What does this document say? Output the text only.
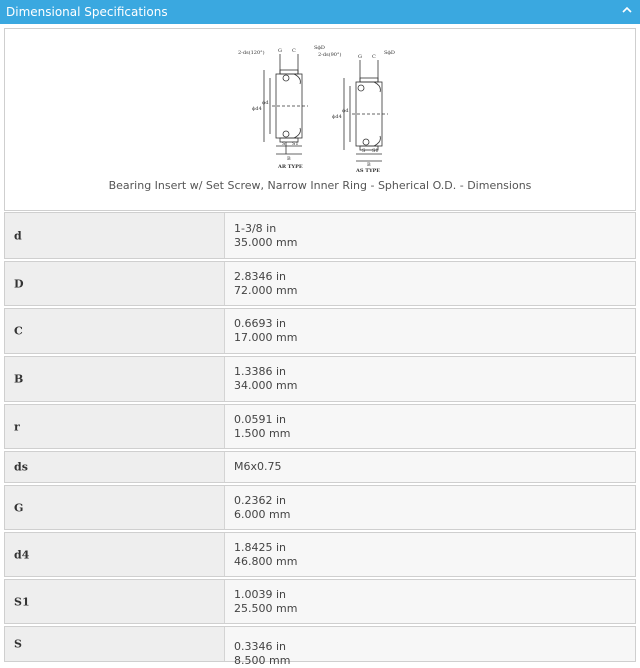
Dimensional Specifications
2-ds(120°)	G C
ϕd4
ϕd
S S1
B
AR TYPE
2-ds(90°)	G C
SϕD
SϕD
ϕd4
ϕd
S S1
B
AS TYPE
Bearing Insert w/ Set Screw, Narrow Inner Ring - Spherical O.D. - Dimensions
d
1-3/8 in
35.000 mm
D
2.8346 in
72.000 mm
C
0.6693 in
17.000 mm
B
1.3386 in
34.000 mm
r
0.0591 in
1.500 mm
ds	M6x0.75
G
0.2362 in
6.000 mm
d4
1.8425 in
46.800 mm
S1
1.0039 in
25.500 mm
S	0.3346 in
8.500 mm
